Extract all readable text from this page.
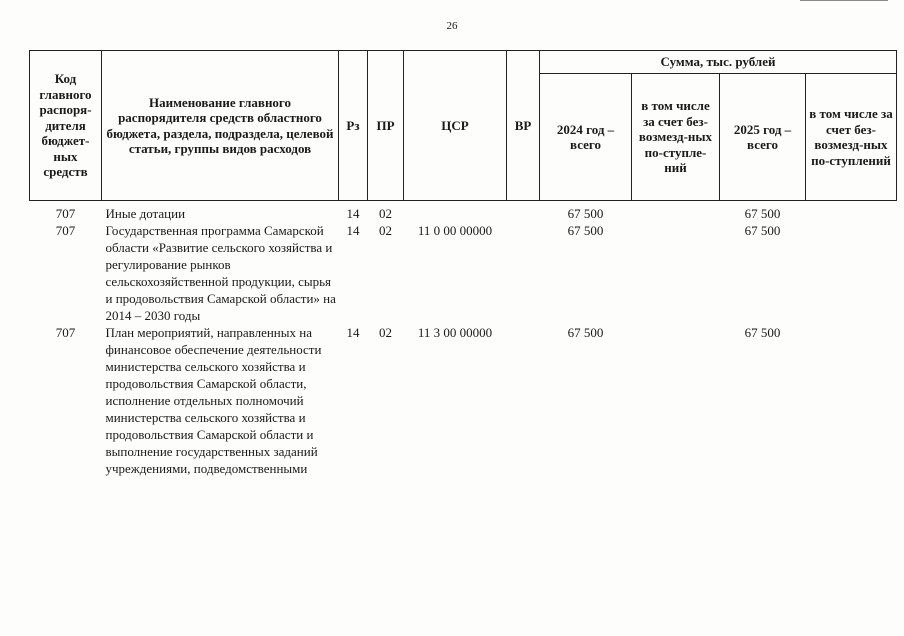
26
Код главного распоря-дителя бюджет-ных средств	Наименование главного распорядителя средств областного бюджета, раздела, подраздела, целевой статьи, группы видов расходов	Рз	ПР	ЦСР	ВР	Сумма, тыс. рублей			
						2024 год – всего	в том числе за счет без-возмезд-ных по-ступле-ний	2025 год – всего	в том числе за счет без-возмезд-ных по-ступлений
707	Иные дотации	14	02			67 500		67 500	
707	Государственная программа Самарской области «Развитие сельского хозяйства и регулирование рынков сельскохозяйственной продукции, сырья и продовольствия Самарской области» на 2014 – 2030 годы	14	02	11 0 00 00000		67 500		67 500	
707	План мероприятий, направленных на финансовое обеспечение деятельности министерства сельского хозяйства и продовольствия Самарской области, исполнение отдельных полномочий министерства сельского хозяйства и продовольствия Самарской области и выполнение государственных заданий учреждениями, подведомственными	14	02	11 3 00 00000		67 500		67 500	
